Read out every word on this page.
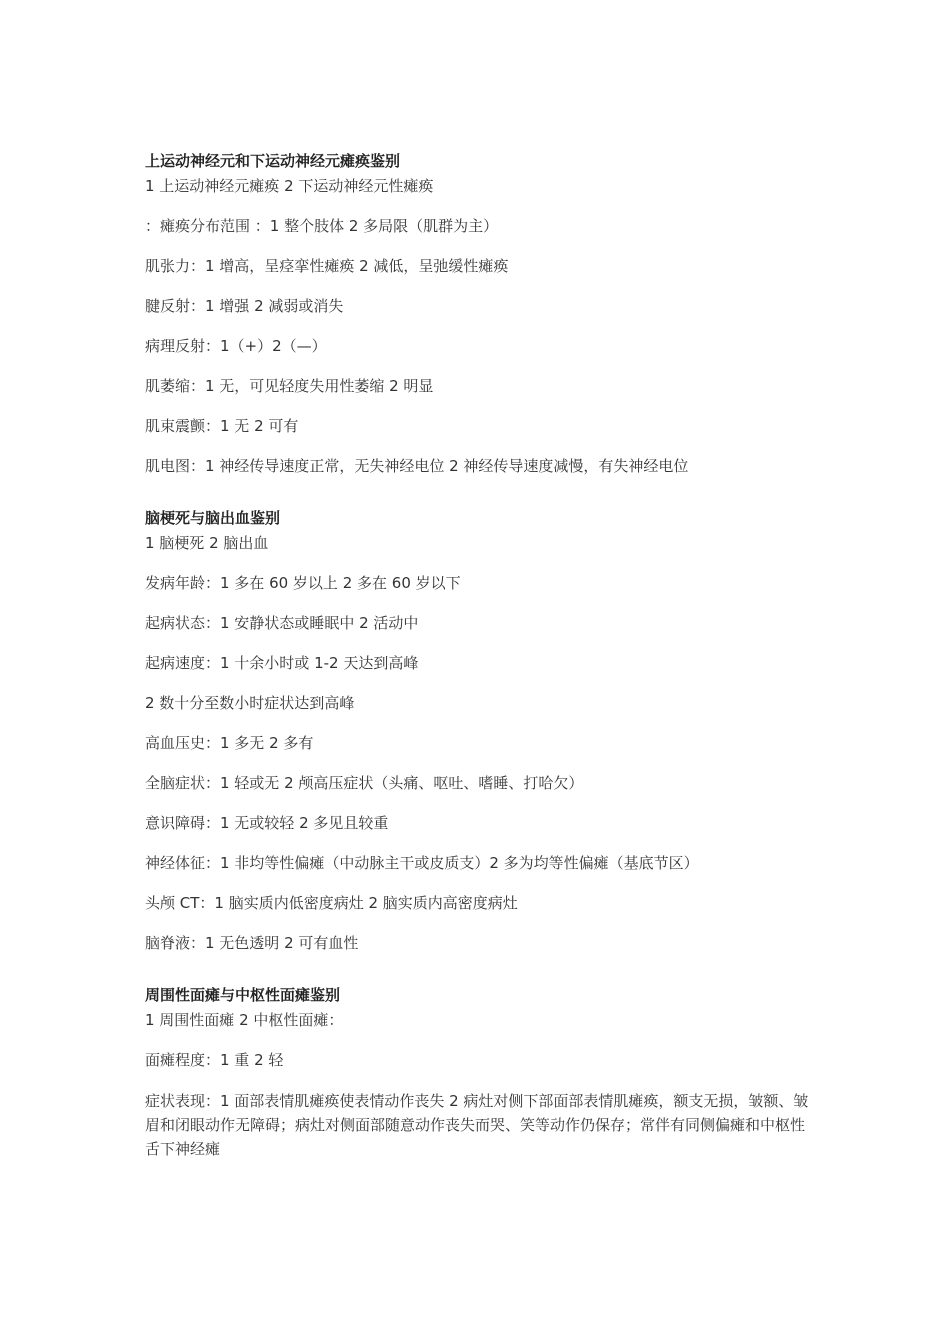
上运动神经元和下运动神经元瘫痪鉴别
1 上运动神经元瘫痪 2 下运动神经元性瘫痪
：瘫痪分布范围 ：1 整个肢体 2 多局限（肌群为主）
肌张力：1 增高，呈痉挛性瘫痪 2 减低，呈弛缓性瘫痪
腱反射：1 增强 2 减弱或消失
病理反射：1（+）2（—）
肌萎缩：1 无，可见轻度失用性萎缩 2 明显
肌束震颤：1 无 2 可有
肌电图：1 神经传导速度正常，无失神经电位 2 神经传导速度减慢，有失神经电位
脑梗死与脑出血鉴别
1 脑梗死 2 脑出血
发病年龄：1 多在 60 岁以上 2 多在 60 岁以下
起病状态：1 安静状态或睡眠中 2 活动中
起病速度：1 十余小时或 1-2 天达到高峰
2 数十分至数小时症状达到高峰
高血压史：1 多无 2 多有
全脑症状：1 轻或无 2 颅高压症状（头痛、呕吐、嗜睡、打哈欠）
意识障碍：1 无或较轻 2 多见且较重
神经体征：1 非均等性偏瘫（中动脉主干或皮质支）2 多为均等性偏瘫（基底节区）
头颅 CT：1 脑实质内低密度病灶 2 脑实质内高密度病灶
脑脊液：1 无色透明 2 可有血性
周围性面瘫与中枢性面瘫鉴别
1 周围性面瘫 2 中枢性面瘫：
面瘫程度：1 重 2 轻
症状表现：1 面部表情肌瘫痪使表情动作丧失 2 病灶对侧下部面部表情肌瘫痪，额支无损，皱额、皱眉和闭眼动作无障碍；病灶对侧面部随意动作丧失而哭、笑等动作仍保存；常伴有同侧偏瘫和中枢性舌下神经瘫
